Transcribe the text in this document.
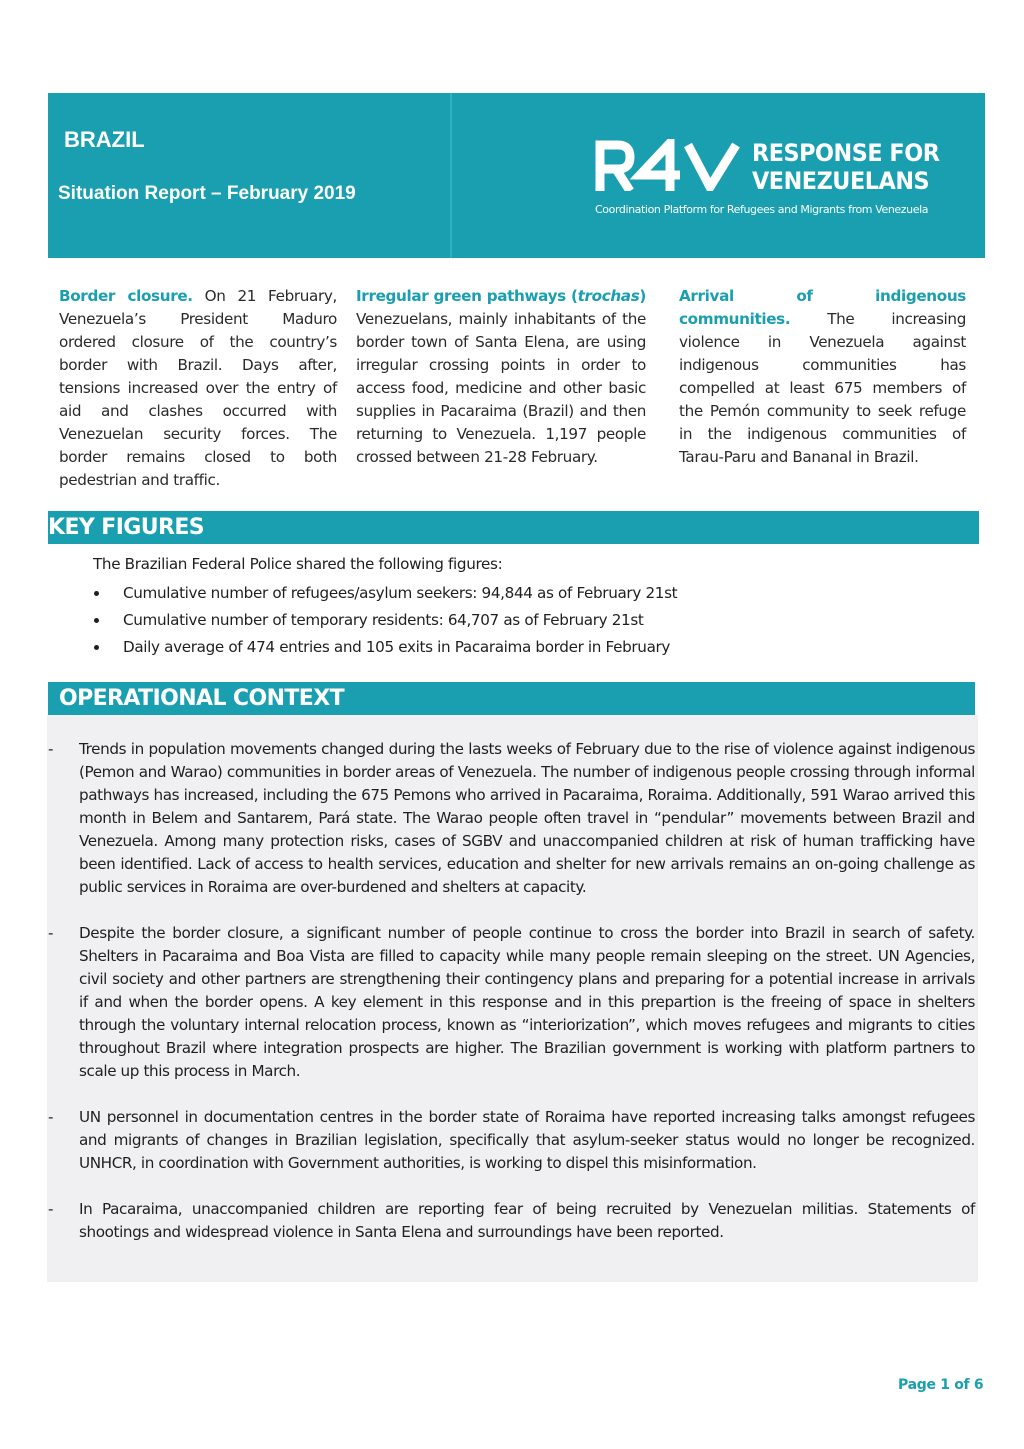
BRAZIL
Situation Report – February 2019
RESPONSE FOR
VENEZUELANS
Coordination Platform for Refugees and Migrants from Venezuela
Border closure. On 21 February, Venezuela’s President Maduro ordered closure of the country’s border with Brazil. Days after, tensions increased over the entry of aid and clashes occurred with Venezuelan security forces. The border remains closed to both pedestrian and traffic.
Irregular green pathways (trochas) Venezuelans, mainly inhabitants of the border town of Santa Elena, are using irregular crossing points in order to access food, medicine and other basic supplies in Pacaraima (Brazil) and then returning to Venezuela. 1,197 people crossed between 21-28 February.
Arrival of indigenous communities. The increasing violence in Venezuela against indigenous communities has compelled at least 675 members of the Pemón community to seek refuge in the indigenous communities of Tarau-Paru and Bananal in Brazil.
KEY FIGURES
The Brazilian Federal Police shared the following figures:
Cumulative number of refugees/asylum seekers: 94,844 as of February 21st
Cumulative number of temporary residents: 64,707 as of February 21st
Daily average of 474 entries and 105 exits in Pacaraima border in February
OPERATIONAL CONTEXT
- Trends in population movements changed during the lasts weeks of February due to the rise of violence against indigenous (Pemon and Warao) communities in border areas of Venezuela. The number of indigenous people crossing through informal pathways has increased, including the 675 Pemons who arrived in Pacaraima, Roraima. Additionally, 591 Warao arrived this month in Belem and Santarem, Pará state. The Warao people often travel in “pendular” movements between Brazil and Venezuela. Among many protection risks, cases of SGBV and unaccompanied children at risk of human trafficking have been identified. Lack of access to health services, education and shelter for new arrivals remains an on-going challenge as public services in Roraima are over-burdened and shelters at capacity.
- Despite the border closure, a significant number of people continue to cross the border into Brazil in search of safety. Shelters in Pacaraima and Boa Vista are filled to capacity while many people remain sleeping on the street. UN Agencies, civil society and other partners are strengthening their contingency plans and preparing for a potential increase in arrivals if and when the border opens. A key element in this response and in this prepartion is the freeing of space in shelters through the voluntary internal relocation process, known as “interiorization”, which moves refugees and migrants to cities throughout Brazil where integration prospects are higher. The Brazilian government is working with platform partners to scale up this process in March.
- UN personnel in documentation centres in the border state of Roraima have reported increasing talks amongst refugees and migrants of changes in Brazilian legislation, specifically that asylum-seeker status would no longer be recognized. UNHCR, in coordination with Government authorities, is working to dispel this misinformation.
- In Pacaraima, unaccompanied children are reporting fear of being recruited by Venezuelan militias. Statements of shootings and widespread violence in Santa Elena and surroundings have been reported.
Page 1 of 6
